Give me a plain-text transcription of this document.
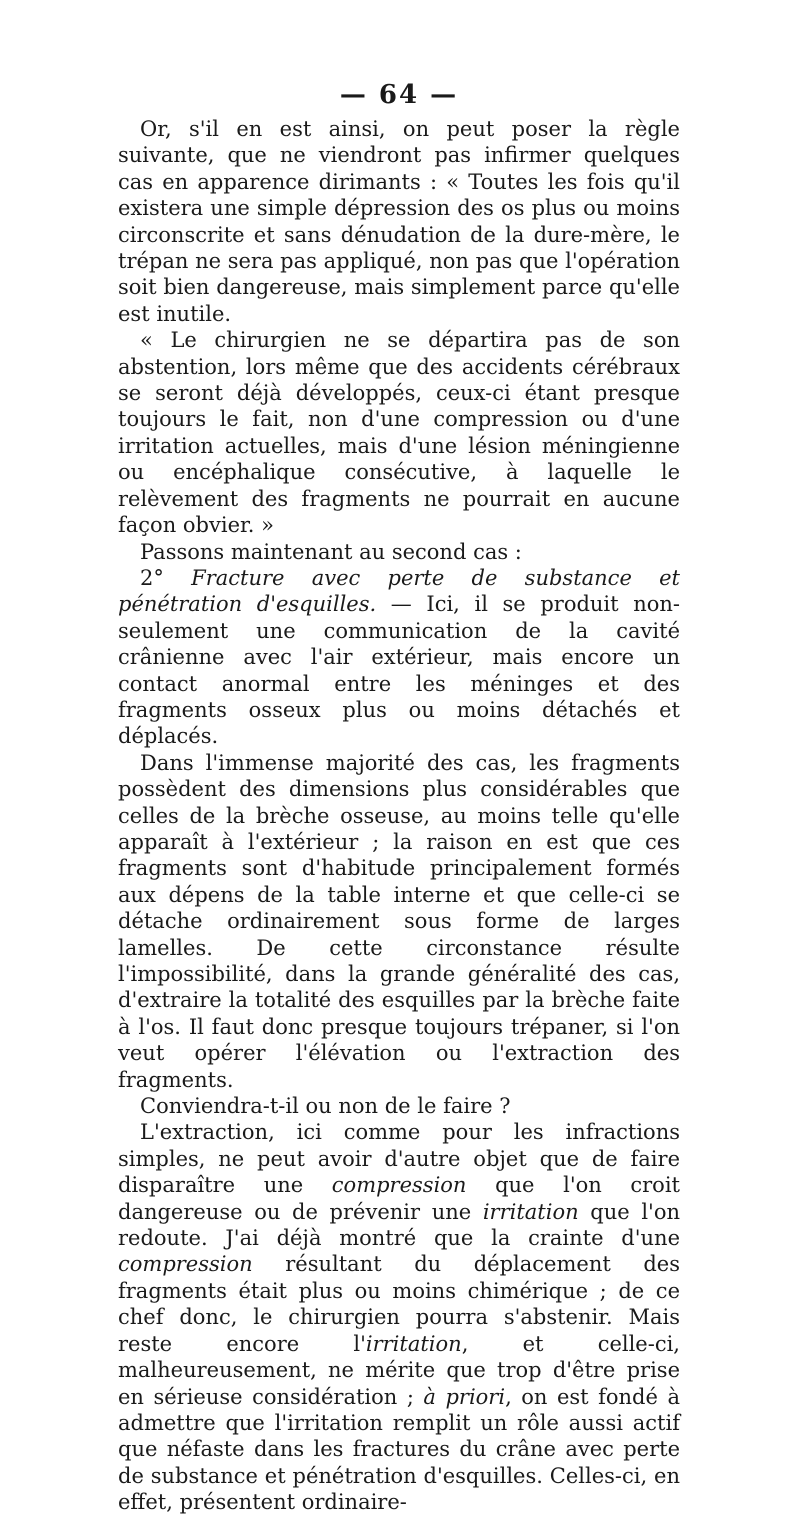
— 64 —

Or, s'il en est ainsi, on peut poser la règle suivante, que ne viendront pas infirmer quelques cas en apparence dirimants : « Toutes les fois qu'il existera une simple dépression des os plus ou moins circonscrite et sans dénudation de la dure-mère, le trépan ne sera pas appliqué, non pas que l'opération soit bien dangereuse, mais simplement parce qu'elle est inutile.

« Le chirurgien ne se départira pas de son abstention, lors même que des accidents cérébraux se seront déjà développés, ceux-ci étant presque toujours le fait, non d'une compression ou d'une irritation actuelles, mais d'une lésion méningienne ou encéphalique consécutive, à laquelle le relèvement des fragments ne pourrait en aucune façon obvier. »

Passons maintenant au second cas :

2° Fracture avec perte de substance et pénétration d'esquilles. — Ici, il se produit non-seulement une communication de la cavité crânienne avec l'air extérieur, mais encore un contact anormal entre les méninges et des fragments osseux plus ou moins détachés et déplacés.

Dans l'immense majorité des cas, les fragments possèdent des dimensions plus considérables que celles de la brèche osseuse, au moins telle qu'elle apparaît à l'extérieur ; la raison en est que ces fragments sont d'habitude principalement formés aux dépens de la table interne et que celle-ci se détache ordinairement sous forme de larges lamelles. De cette circonstance résulte l'impossibilité, dans la grande généralité des cas, d'extraire la totalité des esquilles par la brèche faite à l'os. Il faut donc presque toujours trépaner, si l'on veut opérer l'élévation ou l'extraction des fragments.

Conviendra-t-il ou non de le faire ?

L'extraction, ici comme pour les infractions simples, ne peut avoir d'autre objet que de faire disparaître une compression que l'on croit dangereuse ou de prévenir une irritation que l'on redoute. J'ai déjà montré que la crainte d'une compression résultant du déplacement des fragments était plus ou moins chimérique ; de ce chef donc, le chirurgien pourra s'abstenir. Mais reste encore l'irritation, et celle-ci, malheureusement, ne mérite que trop d'être prise en sérieuse considération ; à priori, on est fondé à admettre que l'irritation remplit un rôle aussi actif que néfaste dans les fractures du crâne avec perte de substance et pénétration d'esquilles. Celles-ci, en effet, présentent ordinaire-
